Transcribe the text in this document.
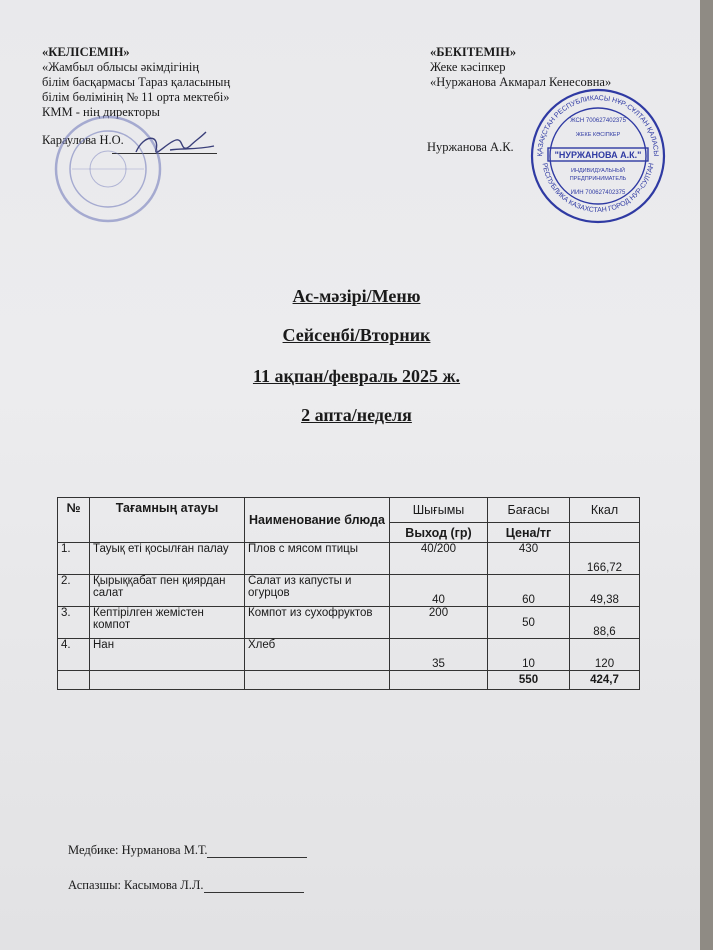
«КЕЛІСЕМІН»
«Жамбыл облысы әкімдігінің
білім басқармасы Тараз қаласының
білім бөлімінің № 11 орта мектебі»
КММ - нің директоры
Караулова Н.О.
«БЕКІТЕМІН»
Жеке кәсіпкер
«Нуржанова Акмарал Кенесовна»
Нуржанова А.К.
ҚАЗАҚСТАН РЕСПУБЛИКАСЫ НҰР-СҰЛТАН ҚАЛАСЫ
РЕСПУБЛИКА КАЗАХСТАН ГОРОД НУР-СУЛТАН
ЖСН 700627402375
ЖЕКЕ КӘСІПКЕР
"НУРЖАНОВА А.К."
ИНДИВИДУАЛЬНЫЙ
ПРЕДПРИНИМАТЕЛЬ
ИИН 700627402375
Ас-мәзірі/Меню
Сейсенбі/Вторник
11 ақпан/февраль 2025 ж.
2 апта/неделя
№	Тағамның атауы	Наименование блюда	Шығымы	Бағасы	Ккал
			Выход (гр)	Цена/тг	
1.	Тауық еті қосылған палау	Плов с мясом птицы	40/200	430	166,72
2.	Қырыққабат пен қиярдан салат	Салат из капусты и огурцов	40	60	49,38
3.	Кептірілген жемістен компот	Компот из сухофруктов	200	50	88,6
4.	Нан	Хлеб	35	10	120
				550	424,7
Медбике: Нурманова М.Т.
Аспазшы: Касымова Л.Л.
